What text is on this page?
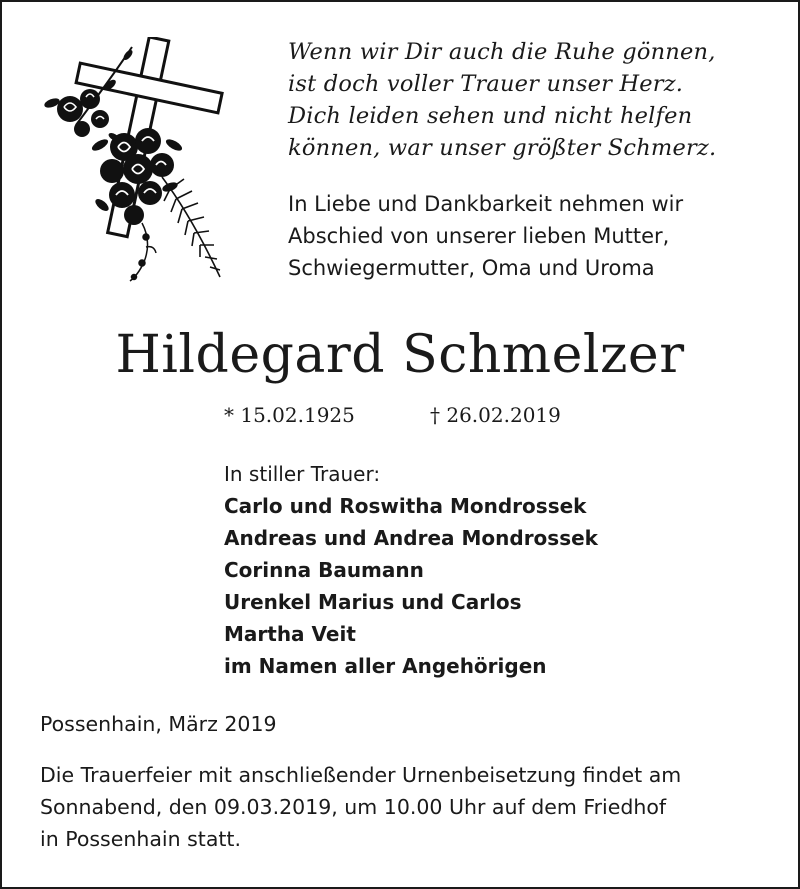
Wenn wir Dir auch die Ruhe gönnen,
ist doch voller Trauer unser Herz.
Dich leiden sehen und nicht helfen
können, war unser größter Schmerz.
In Liebe und Dankbarkeit nehmen wir
Abschied von unserer lieben Mutter,
Schwiegermutter, Oma und Uroma
Hildegard Schmelzer
* 15.02.1925	† 26.02.2019
In stiller Trauer:
Carlo und Roswitha Mondrossek
Andreas und Andrea Mondrossek
Corinna Baumann
Urenkel Marius und Carlos
Martha Veit
im Namen aller Angehörigen
Possenhain, März 2019
Die Trauerfeier mit anschließender Urnenbeisetzung findet am
Sonnabend, den 09.03.2019, um 10.00 Uhr auf dem Friedhof
in Possenhain statt.
